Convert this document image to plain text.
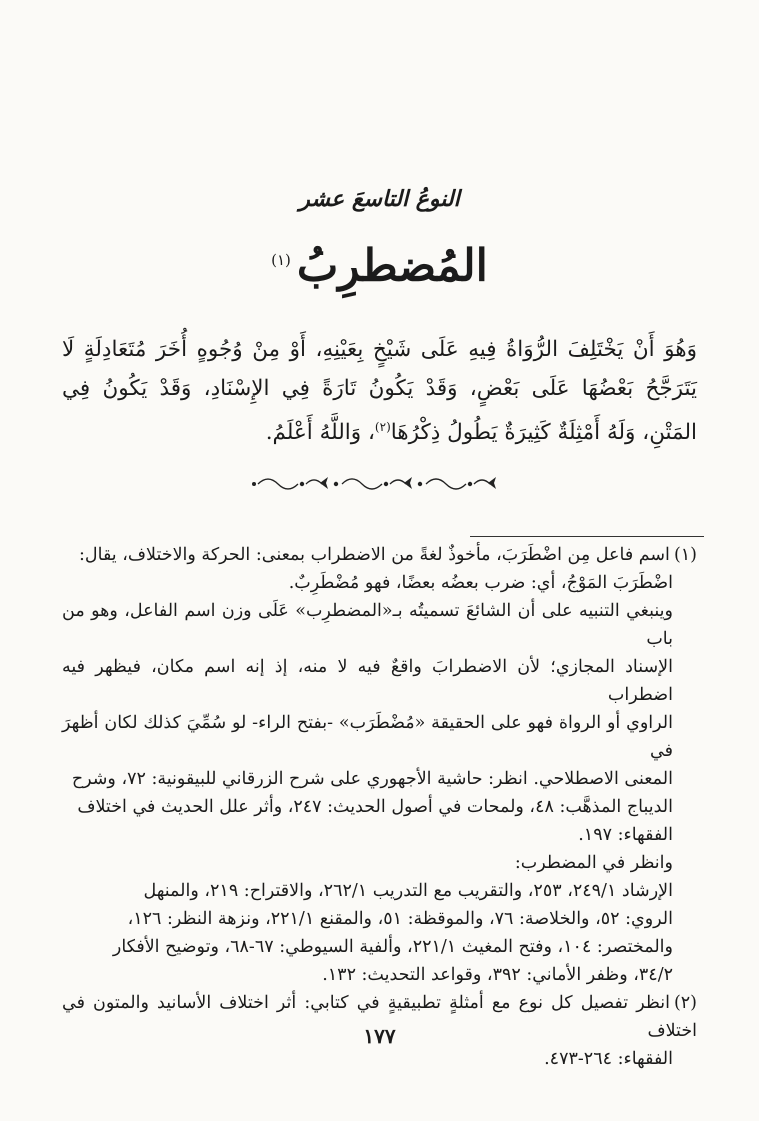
النوعُ التاسعَ عشر
المُضطرِبُ$^{(١)}$
وَهُوَ أَنْ يَخْتَلِفَ الرُّوَاةُ فِيهِ عَلَى شَيْخٍ بِعَيْنِهِ، أَوْ مِنْ وُجُوهٍ أُخَرَ مُتَعَادِلَةٍ لَا يَتَرَجَّحُ بَعْضُهَا عَلَى بَعْضٍ، وَقَدْ يَكُونُ تَارَةً فِي الإِسْنَادِ، وَقَدْ يَكُونُ فِي المَتْنِ، وَلَهُ أَمْثِلَةٌ كَثِيرَةٌ يَطُولُ ذِكْرُهَا$^{(٢)}$، وَاللَّهُ أَعْلَمُ.
(١)اسم فاعل مِن اضْطَرَبَ، مأخوذٌ لغةً من الاضطراب بمعنى: الحركة والاختلاف، يقال:
اضْطَرَبَ المَوْجُ، أي: ضرب بعضُه بعضًا، فهو مُضْطَرِبٌ.
وينبغي التنبيه على أن الشائعَ تسميتُه بـ«المضطرِب» عَلَى وزن اسم الفاعل، وهو من باب
الإسناد المجازي؛ لأن الاضطرابَ واقعٌ فيه لا منه، إذ إنه اسم مكان، فيظهر فيه اضطراب
الراوي أو الرواة فهو على الحقيقة «مُضْطَرَب» -بفتح الراء- لو سُمِّيَ كذلك لكان أظهرَ في
المعنى الاصطلاحي. انظر: حاشية الأجهوري على شرح الزرقاني للبيقونية: ٧٢، وشرح
الديباج المذهَّب: ٤٨، ولمحات في أصول الحديث: ٢٤٧، وأثر علل الحديث في اختلاف
الفقهاء: ١٩٧.
وانظر في المضطرب:
الإرشاد ٢٤٩/١، ٢٥٣، والتقريب مع التدريب ٢٦٢/١، والاقتراح: ٢١٩، والمنهل
الروي: ٥٢، والخلاصة: ٧٦، والموقظة: ٥١، والمقنع ٢٢١/١، ونزهة النظر: ١٢٦،
والمختصر: ١٠٤، وفتح المغيث ٢٢١/١، وألفية السيوطي: ٦٧-٦٨، وتوضيح الأفكار
٣٤/٢، وظفر الأماني: ٣٩٢، وقواعد التحديث: ١٣٢.
(٢)انظر تفصيل كل نوع مع أمثلةٍ تطبيقيةٍ في كتابي: أثر اختلاف الأسانيد والمتون في اختلاف
الفقهاء: ٢٦٤-٤٧٣.
١٧٧
